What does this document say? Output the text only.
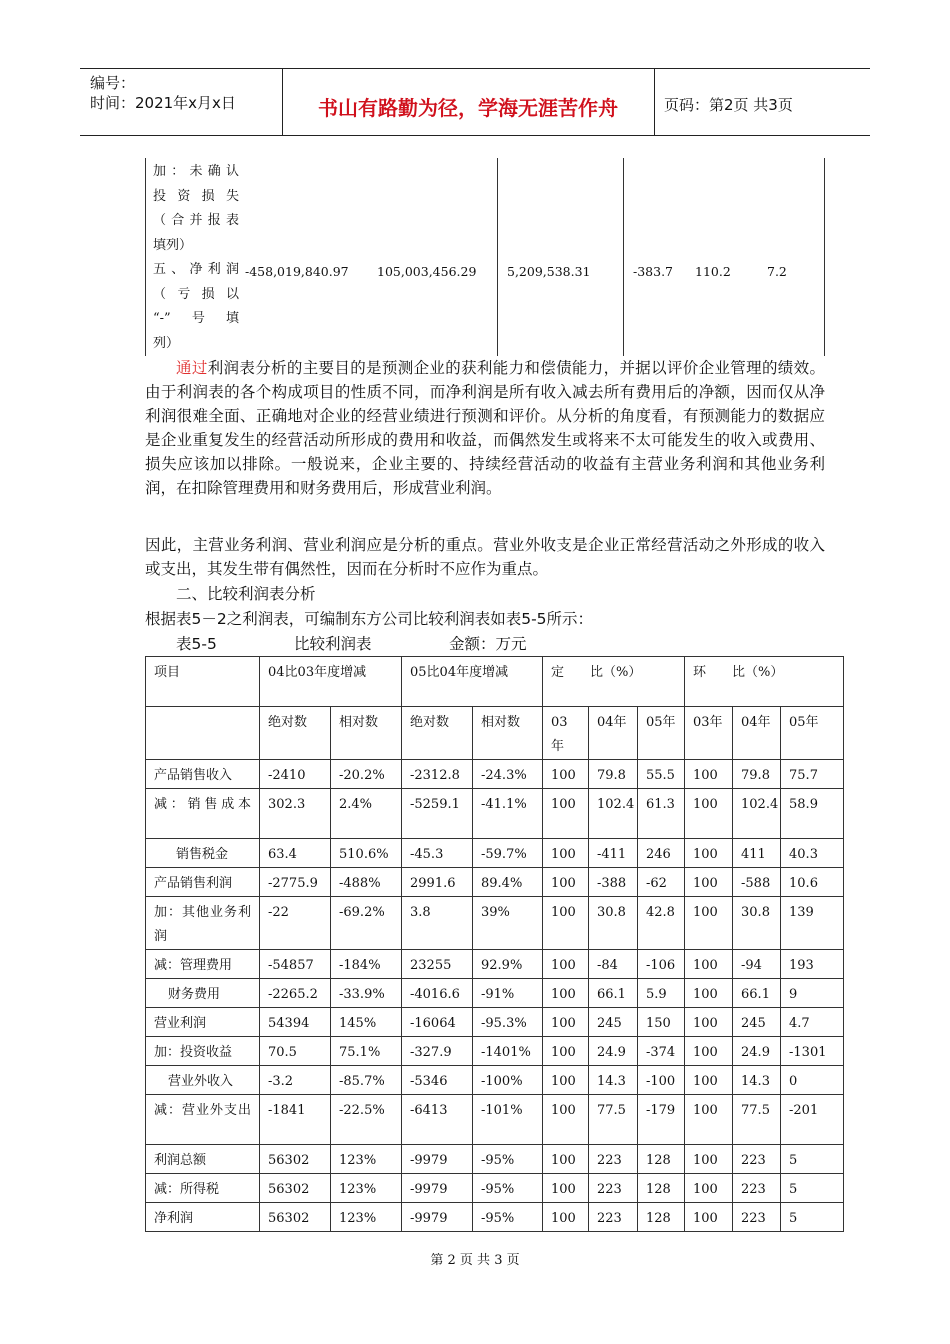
编号：
时间：2021年x月x日	书山有路勤为径，学海无涯苦作舟	页码：第2页 共3页
加：未确认
投资损失
（合并报表
填列）
五、净利润
（亏损以
“-”号填
列）
-458,019,840.97 105,003,456.29 5,209,538.31	-383.7 110.2	7.2
通过利润表分析的主要目的是预测企业的获利能力和偿债能力，并据以评价企业管理的绩效。由于利润表的各个构成项目的性质不同，而净利润是所有收入减去所有费用后的净额，因而仅从净利润很难全面、正确地对企业的经营业绩进行预测和评价。从分析的角度看，有预测能力的数据应是企业重复发生的经营活动所形成的费用和收益，而偶然发生或将来不太可能发生的收入或费用、损失应该加以排除。一般说来，企业主要的、持续经营活动的收益有主营业务利润和其他业务利润，在扣除管理费用和财务费用后，形成营业利润。
因此，主营业务利润、营业利润应是分析的重点。营业外收支是企业正常经营活动之外形成的收入或支出，其发生带有偶然性，因而在分析时不应作为重点。
二、比较利润表分析
根据表5－2之利润表，可编制东方公司比较利润表如表5-5所示：
表5-5	比较利润表	金额：万元
项目	04比03年度增减		05比04年度增减		定　　比（%）			环　　比（%）		
	绝对数	相对数	绝对数	相对数	03年	04年	05年	03年	04年	05年
产品销售收入	-2410	-20.2%	-2312.8	-24.3%	100	79.8	55.5	100	79.8	75.7
减：销售成本	302.3	2.4%	-5259.1	-41.1%	100	102.4	61.3	100	102.4	58.9
销售税金	63.4	510.6%	-45.3	-59.7%	100	-411	246	100	411	40.3
产品销售利润	-2775.9	-488%	2991.6	89.4%	100	-388	-62	100	-588	10.6
加：其他业务利润	-22	-69.2%	3.8	39%	100	30.8	42.8	100	30.8	139
减：管理费用	-54857	-184%	23255	92.9%	100	-84	-106	100	-94	193
财务费用	-2265.2	-33.9%	-4016.6	-91%	100	66.1	5.9	100	66.1	9
营业利润	54394	145%	-16064	-95.3%	100	245	150	100	245	4.7
加：投资收益	70.5	75.1%	-327.9	-1401%	100	24.9	-374	100	24.9	-1301
营业外收入	-3.2	-85.7%	-5346	-100%	100	14.3	-100	100	14.3	0
减：营业外支出	-1841	-22.5%	-6413	-101%	100	77.5	-179	100	77.5	-201
利润总额	56302	123%	-9979	-95%	100	223	128	100	223	5
减：所得税	56302	123%	-9979	-95%	100	223	128	100	223	5
净利润	56302	123%	-9979	-95%	100	223	128	100	223	5
第 2 页 共 3 页
